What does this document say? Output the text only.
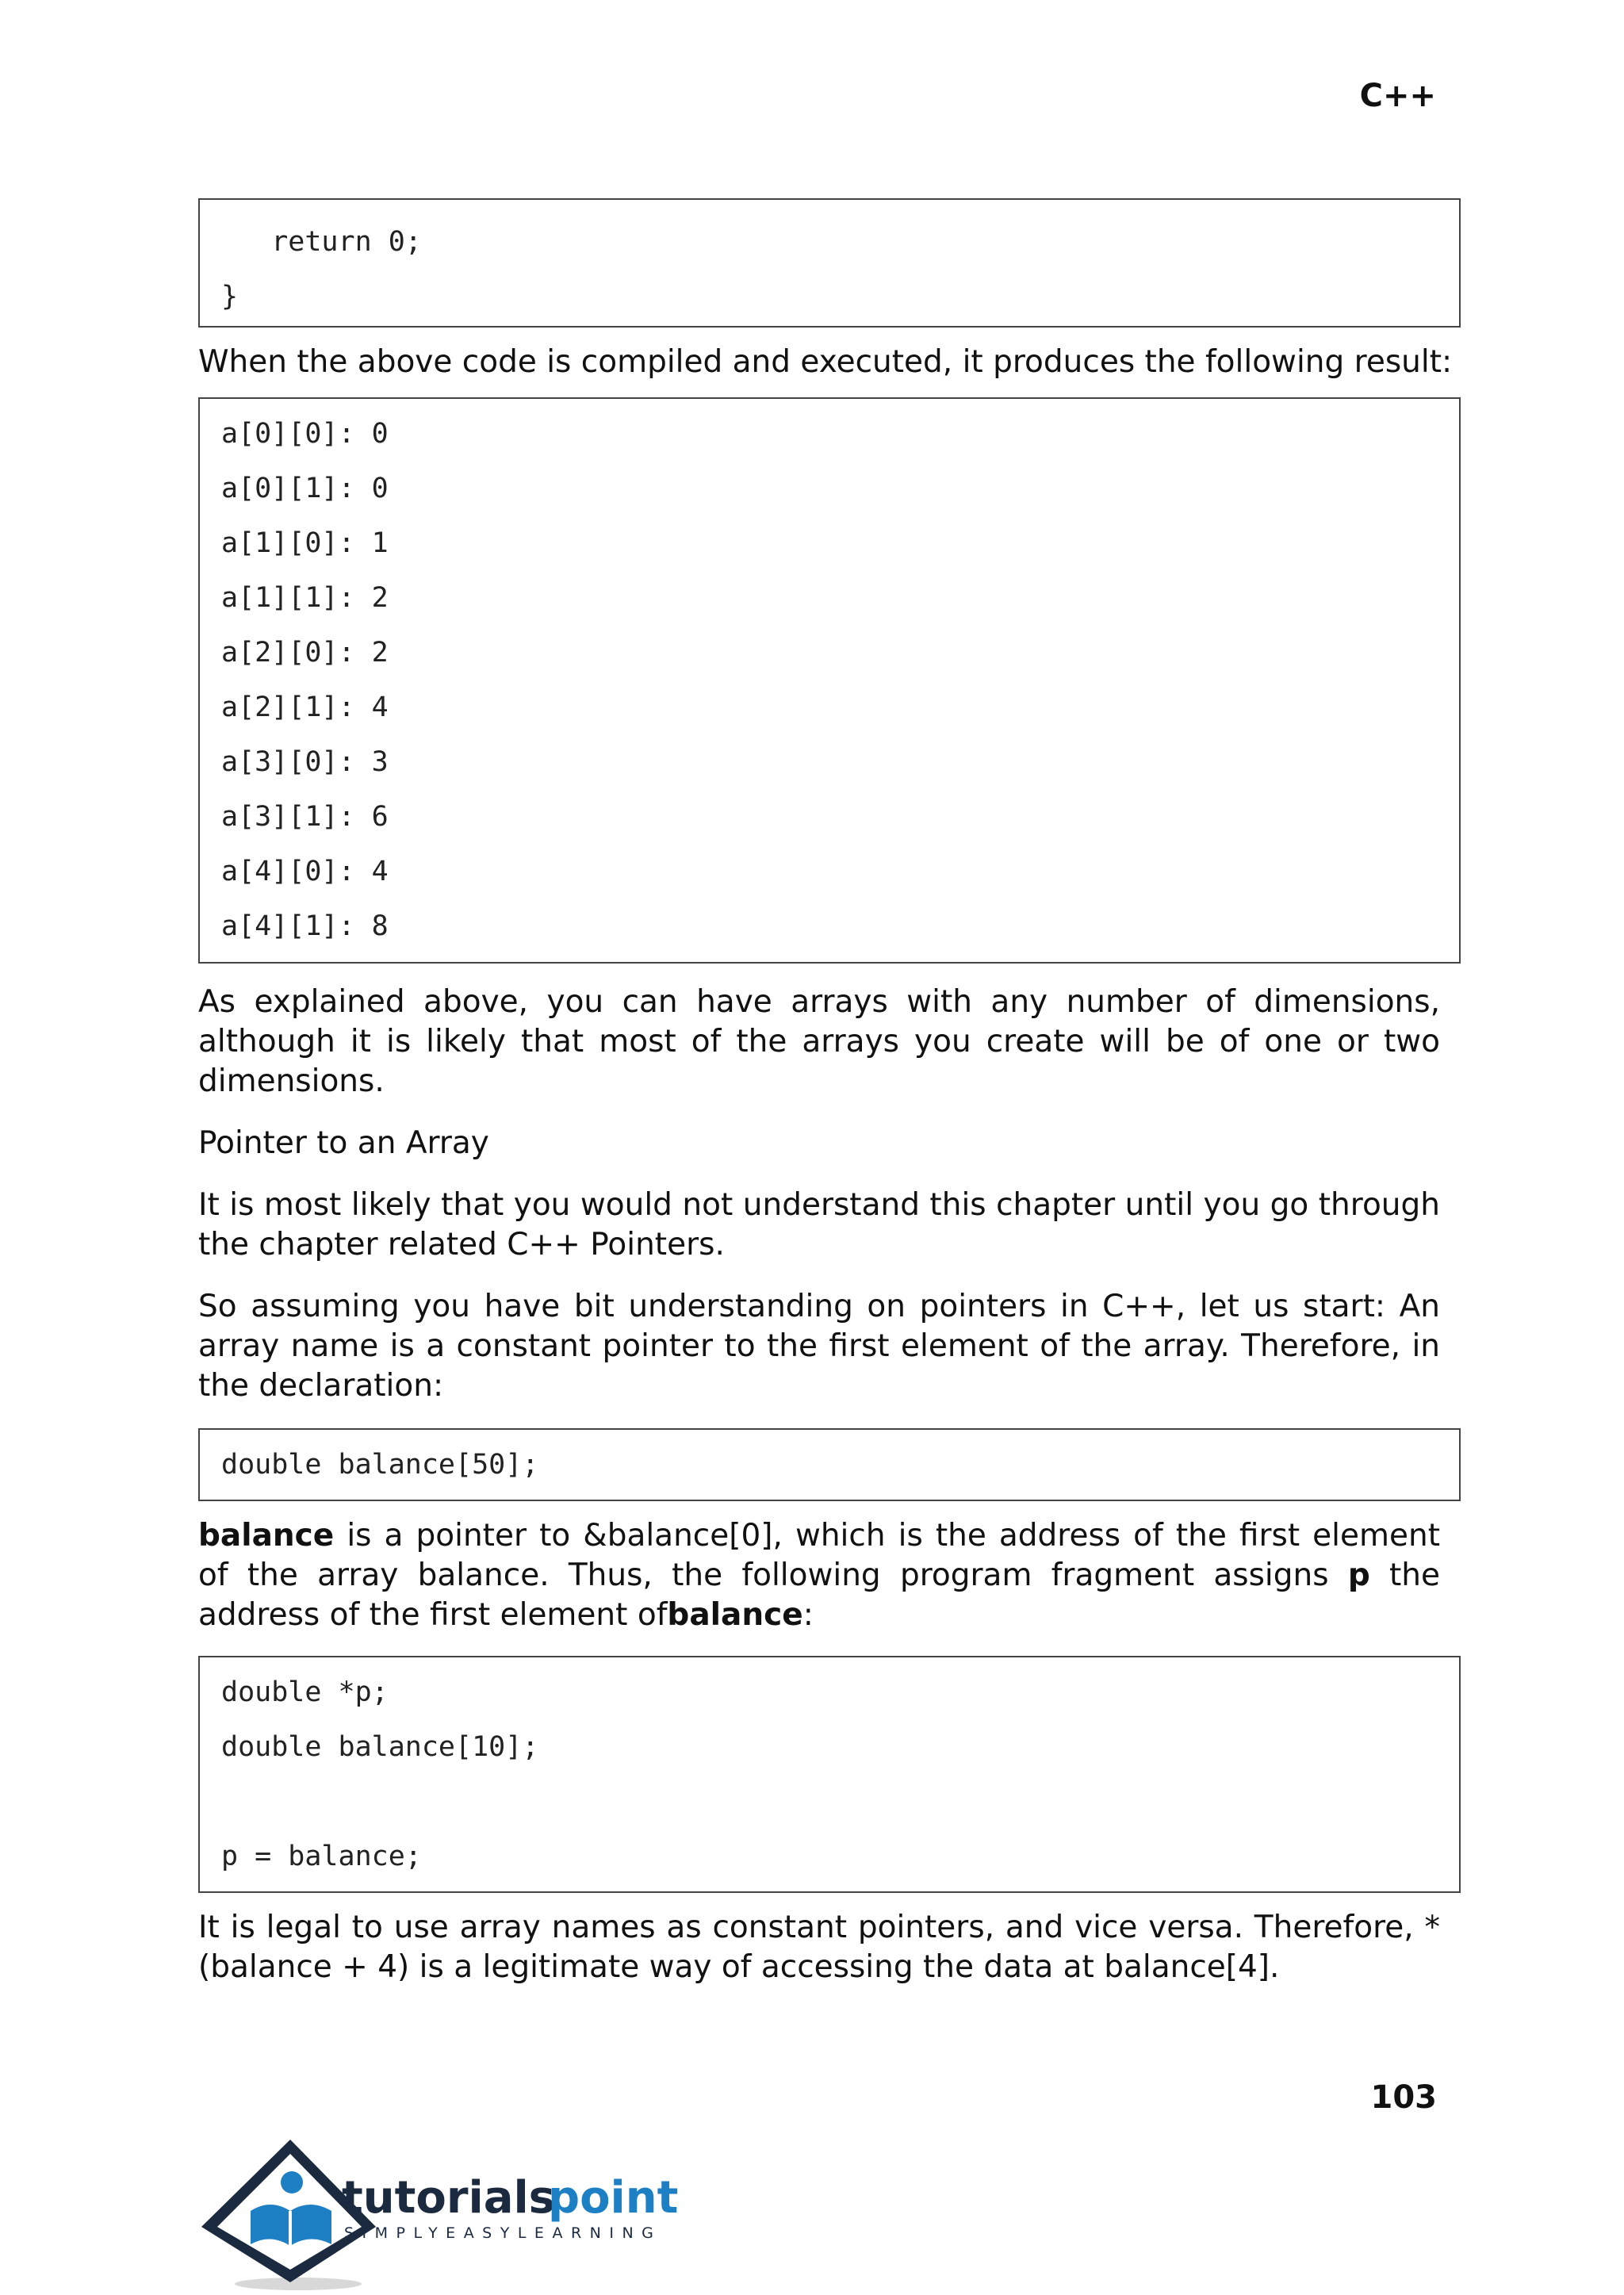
C++
return 0;
}

When the above code is compiled and executed, it produces the following result:

a[0][0]: 0
a[0][1]: 0
a[1][0]: 1
a[1][1]: 2
a[2][0]: 2
a[2][1]: 4
a[3][0]: 3
a[3][1]: 6
a[4][0]: 4
a[4][1]: 8

As explained above, you can have arrays with any number of dimensions, although it is likely that most of the arrays you create will be of one or two dimensions.

Pointer to an Array

It is most likely that you would not understand this chapter until you go through the chapter related C++ Pointers.

So assuming you have bit understanding on pointers in C++, let us start: An array name is a constant pointer to the first element of the array. Therefore, in the declaration:

double balance[50];

balance is a pointer to &balance[0], which is the address of the first element of the array balance. Thus, the following program fragment assigns p the address of the first element ofbalance:

double *p;
double balance[10];
p = balance;

It is legal to use array names as constant pointers, and vice versa. Therefore, *(balance + 4) is a legitimate way of accessing the data at balance[4].

103
tutorials
point
SIMPLYEASYLEARNING
